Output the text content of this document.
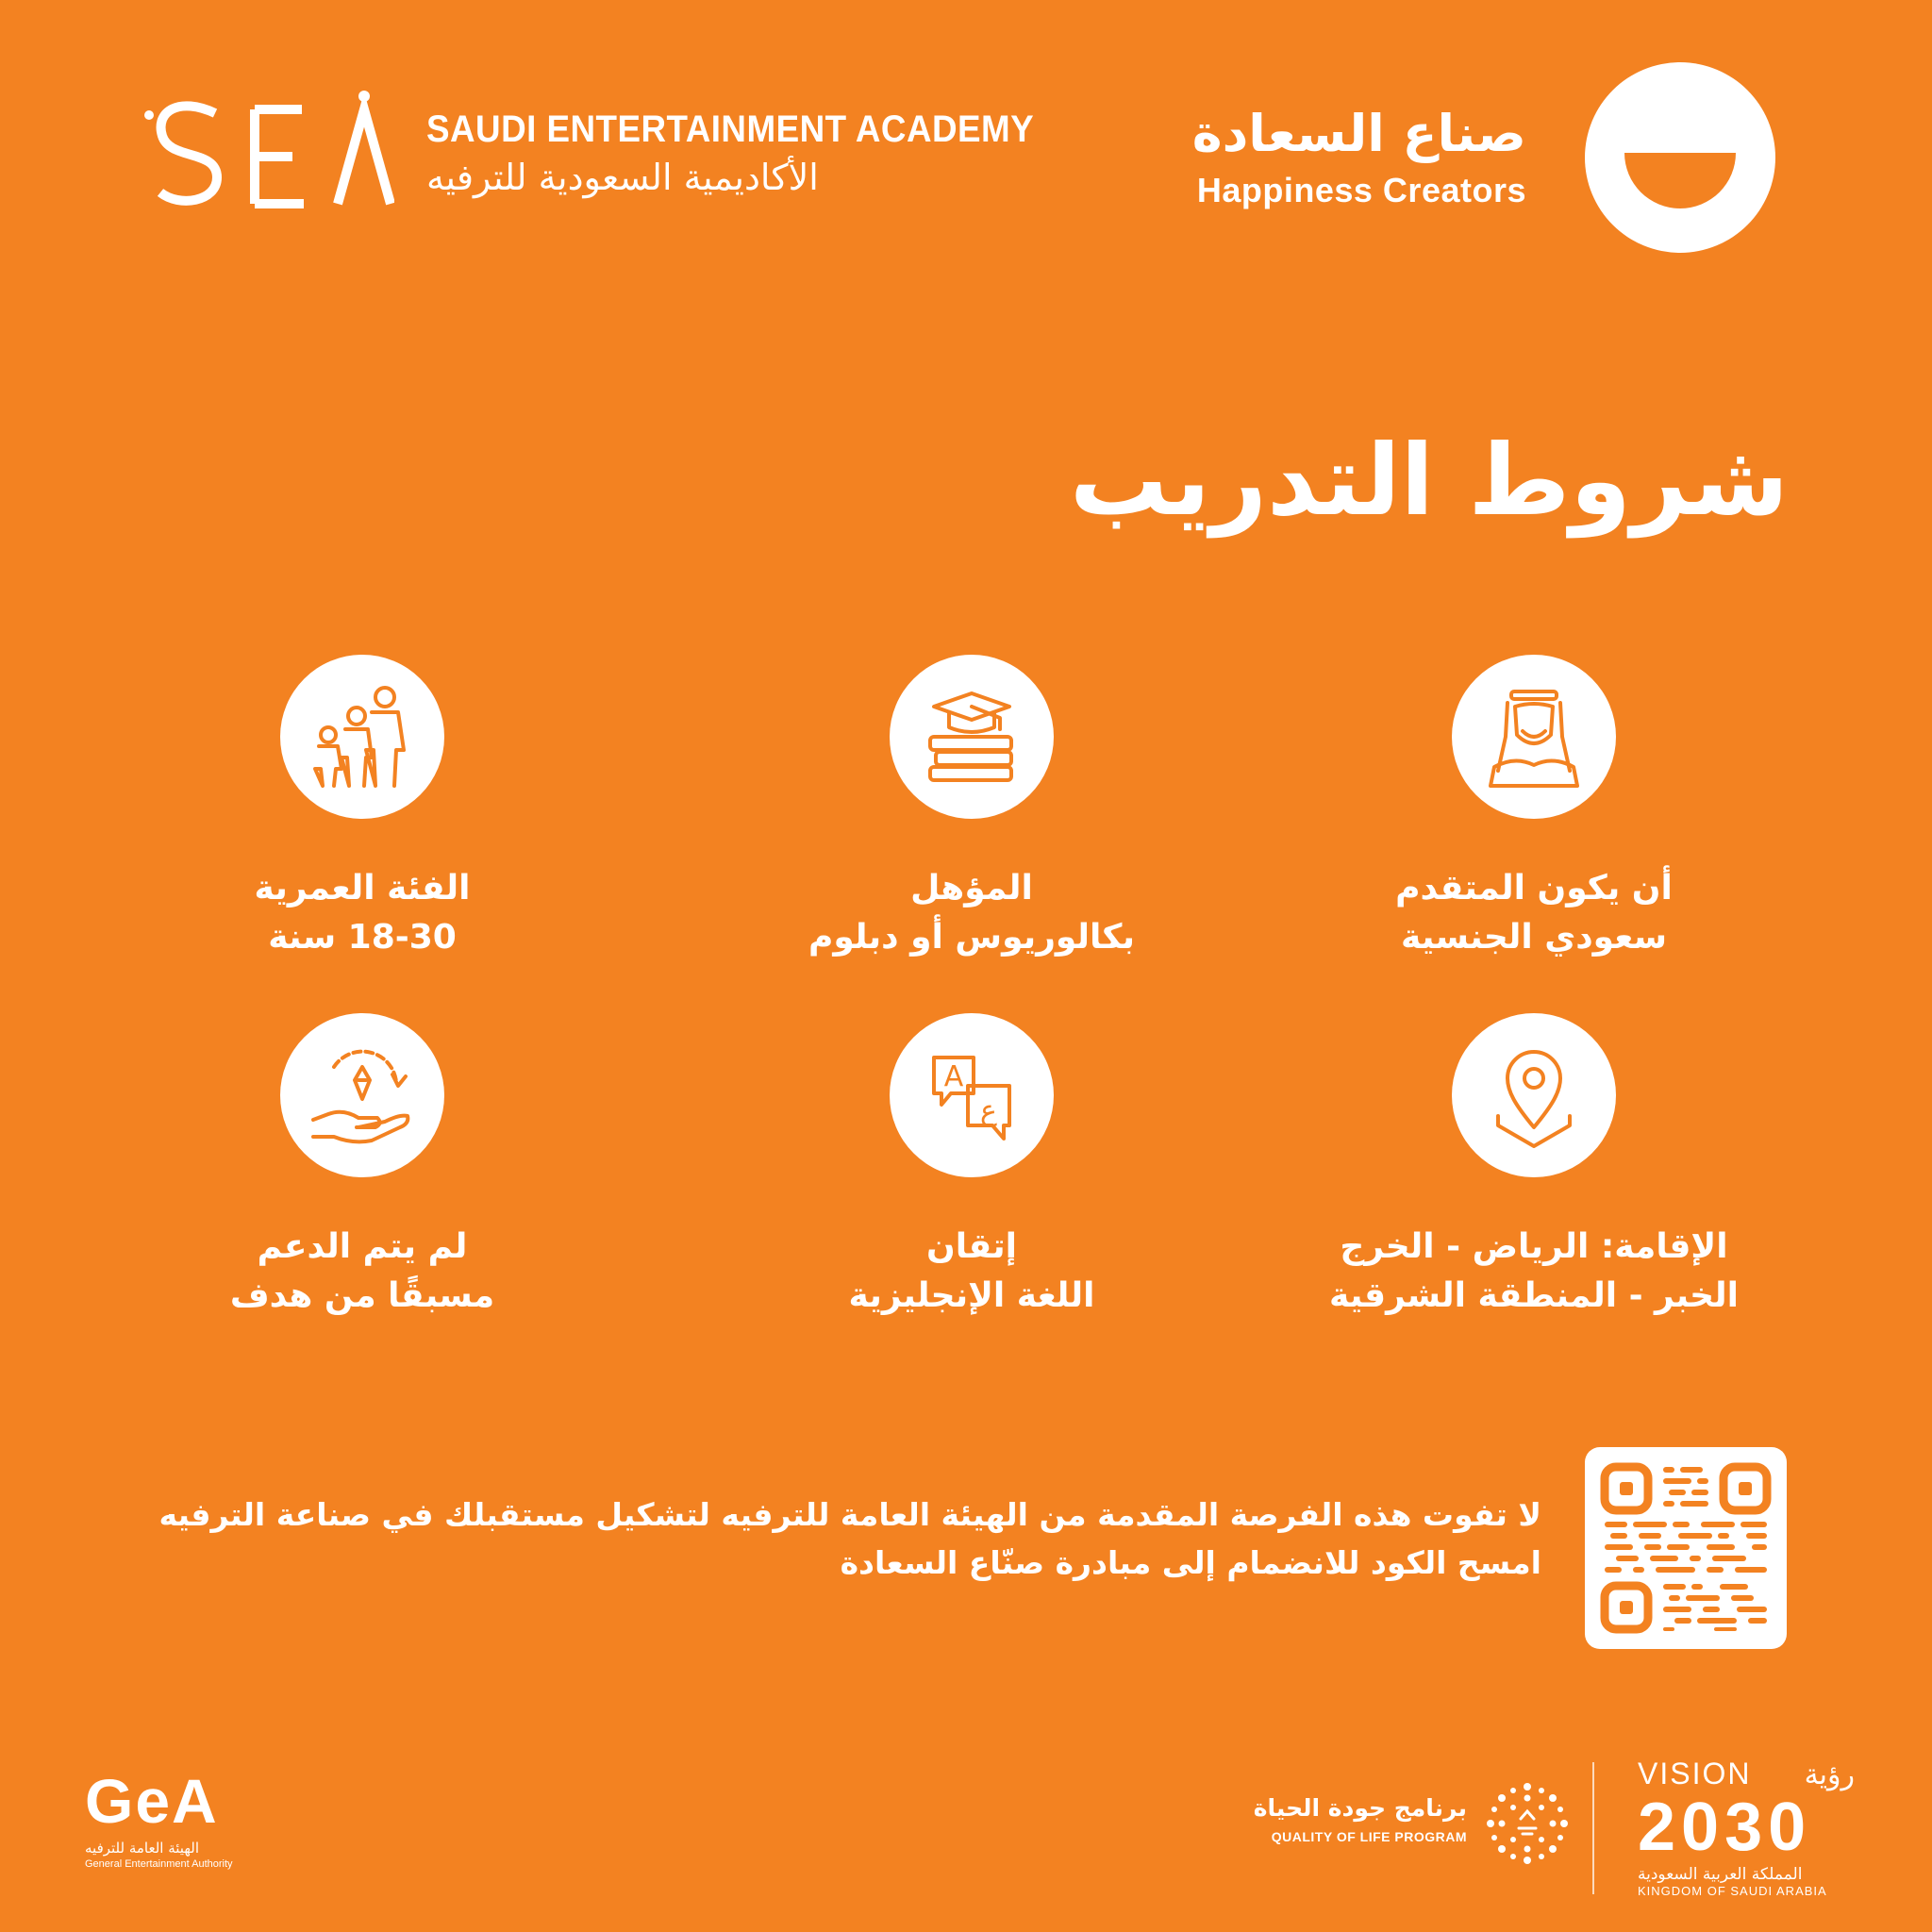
SAUDI ENTERTAINMENT ACADEMY
الأكاديمية السعودية للترفيه
صناع السعادة
Happiness Creators
شروط التدريب
أن يكون المتقدم
سعودي الجنسية
المؤهل
بكالوريوس أو دبلوم
الفئة العمرية
18-30 سنة
الإقامة: الرياض - الخرج
الخبر - المنطقة الشرقية
A
ع
إتقان
اللغة الإنجليزية
لم يتم الدعم
مسبقًا من هدف
لا تفوت هذه الفرصة المقدمة من الهيئة العامة للترفيه لتشكيل مستقبلك في صناعة الترفيه
امسح الكود للانضمام إلى مبادرة صنّاع السعادة
GeA
الهيئة العامة للترفيه
General Entertainment Authority
برنامج جودة الحياة
QUALITY OF LIFE PROGRAM
VISION رؤية
2030
المملكة العربية السعودية
KINGDOM OF SAUDI ARABIA
